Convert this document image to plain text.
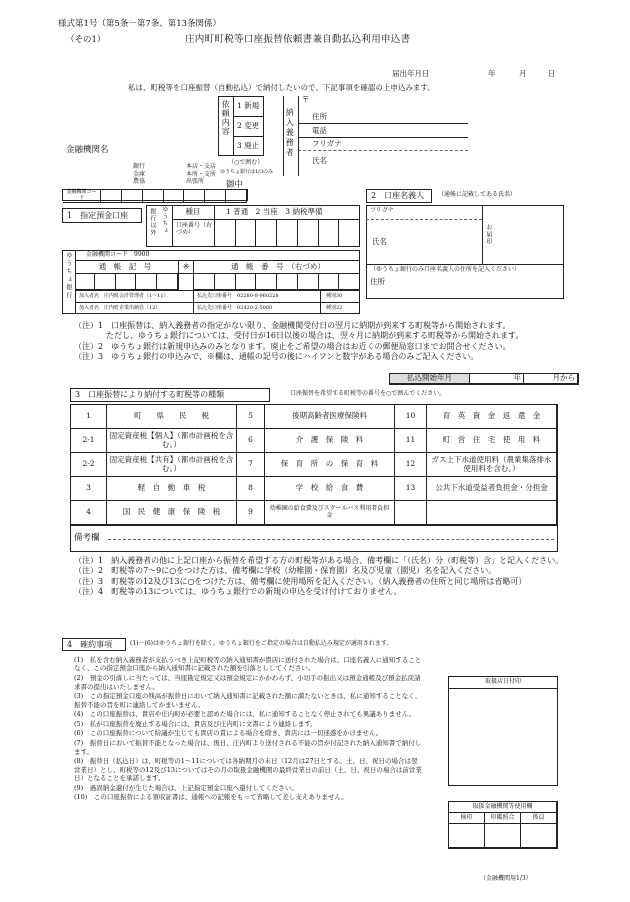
様式第1号（第5条－第7条、第13条関係）
（その1）	庄内町町税等口座振替依頼書兼自動払込利用申込書
届出年月日	年	月	日
私は、町税等を口座振替（自動払込）で納付したいので、下記事項を確認の上申込みます。
依頼内容 1 新規
2 変更
3 廃止
（○で囲む）
納入義務者
〒
住所
電話
フリガナ
氏名
金融機関名
銀行
金庫
農協
本店・支店
本所・支所
出張所
ゆうちょ銀行は1/3のみ
御中
金融機関コード
1　指定預金口座	銀行以外 ゆうちょ	種目	1 普通　2 当座　3 納税準備
口座番号（右づめ）
ゆうちょ銀行 金融機関コード　9900
通　帳　記　号	※	通　帳　番　号　（右づめ）
加入者名　庄内町会計管理者（1～11）	払込先口座番号　02280-8-960228	種別30
加入者名　庄内町企業出納員（12）	払込先口座番号　02420-2-5060	種別22
2　口座名義人	（通帳に記載してある氏名）
フリガナ
氏名	お届印
（ゆうちょ銀行のみ口座名義人の住所を記入ください）
住所
（注）1　口座振替は、納入義務者の指定がない限り、金融機関受付日の翌月に納期が到来する町税等から開始されます。
　　　　ただし、ゆうちょ銀行については、受付日が16日以後の場合は、翌々月に納期が到来する町税等から開始されます。
（注）2　ゆうちょ銀行は新規申込みのみとなります。廃止をご希望の場合はお近くの郵便局窓口までお問合せください。
（注）3　ゆうちょ銀行の申込みで、※欄は、通帳の記号の後にハイフンと数字がある場合のみご記入ください。
払込開始年月	年	月から
3　口座振替により納付する町税等の種類	口座振替を希望する町税等の番号を○で囲んでください。
1	町　　県　　民　　税	5	後期高齢者医療保険料	10	育　英　資　金　返　還　金
2-1	固定資産税【個人】（都市計画税を含む。）	6	介　護　保　険　料	11	町　営　住　宅　使　用　料
2-2	固定資産税【共有】（都市計画税を含む。）	7	保　育　所　の　保　育　料	12	ガス上下水道使用料（農業集落排水使用料を含む。）
3	軽　自　動　車　税	8	学　校　給　食　費	13	公共下水道受益者負担金・分担金
4	国　民　健　康　保　険　税	9	幼稚園の給食費及びスクールバス利用者負担金
備考欄
（注）1　納入義務者の他に上記口座から振替を希望する方の町税等がある場合、備考欄に「（氏名）分（町税等）含」と記入ください。
（注）2　町税等の7～9に○をつけた方は、備考欄に学校（幼稚園・保育園）名及び児童（園児）名を記入ください。
（注）3　町税等の12及び13に○をつけた方は、備考欄に使用場所を記入ください。（納入義務者の住所と同じ場所は省略可）
（注）4　町税等の13については、ゆうちょ銀行での新規の申込を受け付けておりません。
4　確約事項	(1)～(6)はゆうちょ銀行を除く。ゆうちょ銀行をご指定の場合は自動払込み規定が適用されます。
(1)　私を含む納入義務者が支払うべき上記町税等の納入通知書が貴店に送付された場合は、口座名義人に通知することなく、この指定預金口座から納入通知書に記載された額を引落とししてください。
(2)　預金の引落しに当たっては、当座勘定規定又は預金規定にかかわらず、小切手の振出又は預金通帳及び預金払戻請求書の提出はいたしません。
(3)　この指定預金口座の残高が振替日において納入通知書に記載された額に満たないときは、私に通知することなく、振替不能の旨を町に連絡してかまいません。
(4)　この口座振替は、貴店や庄内町が必要と認めた場合には、私に通知することなく停止されても異議ありません。
(5)　私が口座振替を廃止する場合には、貴店及び庄内町に文書により連絡します。
(6)　この口座振替について紛議が生じても貴店の責による場合を除き、貴店には一切迷惑をかけません。
(7)　振替日において振替不能となった場合は、後日、庄内町より送付される不能の旨が付記された納入通知書で納付します。
(8)　振替日（払込日）は、町税等の1～11については各納期月の末日（12月は27日とする。土、日、祝日の場合は翌営業日）とし、町税等の12及び13についてはその月の取扱金融機関の最終営業日の前日（土、日、祝日の場合は前営業日）となることを承諾します。
(9)　過誤納金還付が生じた場合は、上記指定預金口座へ還付してください。
(10)　この口座振替による領収証書は、通帳への記帳をもって省略して差し支えありません。
取扱店日付印
取扱金融機関等使用欄
検印	印鑑照合	係員
（金融機関用1/3）
